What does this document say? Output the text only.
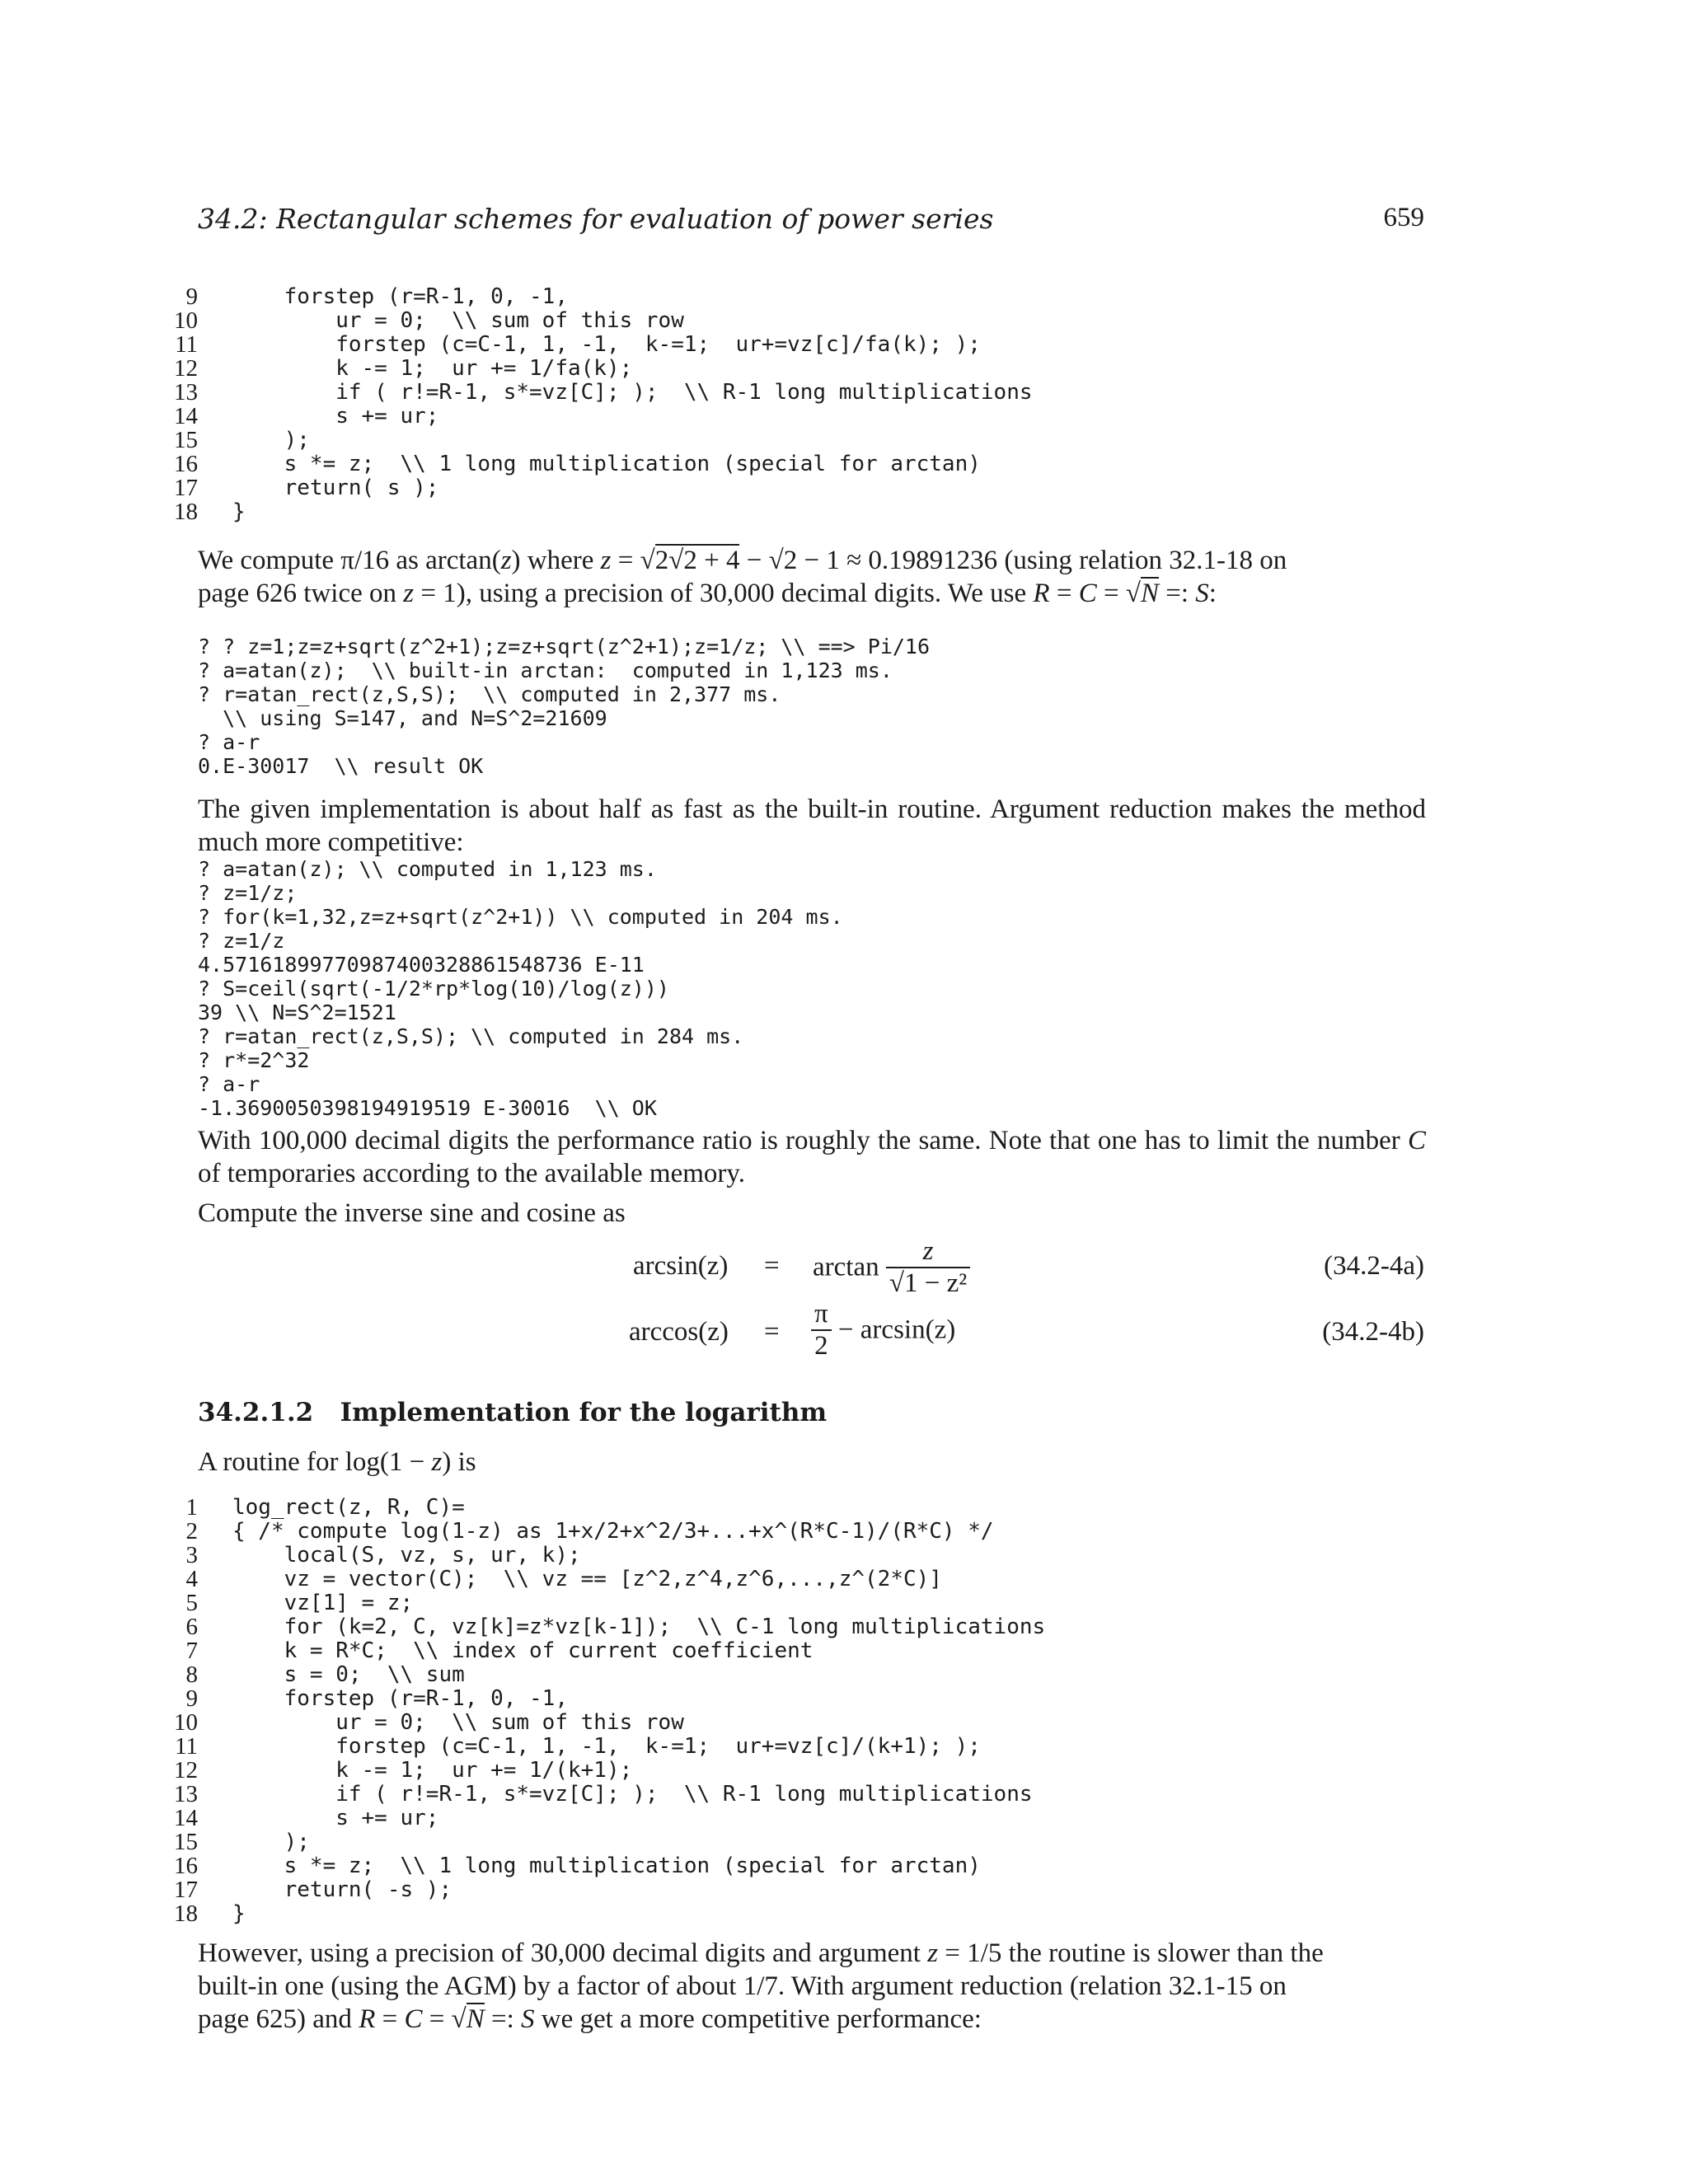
34.2: Rectangular schemes for evaluation of power series	659
9 forstep (r=R-1, 0, -1,
10 ur = 0;  \\ sum of this row
11 forstep (c=C-1, 1, -1,  k-=1;  ur+=vz[c]/fa(k); );
12 k -= 1;  ur += 1/fa(k);
13 if ( r!=R-1, s*=vz[C]; );  \\ R-1 long multiplications
14 s += ur;
15 );
16 s *= z;  \\ 1 long multiplication (special for arctan)
17 return( s );
18 }
We compute π/16 as arctan(z) where z = √2√2 + 4 − √2 − 1 ≈ 0.19891236 (using relation 32.1-18 on
page 626 twice on z = 1), using a precision of 30,000 decimal digits. We use R = C = √N =: S:
? ? z=1;z=z+sqrt(z^2+1);z=z+sqrt(z^2+1);z=1/z; \\ ==> Pi/16
? a=atan(z);  \\ built-in arctan:  computed in 1,123 ms.
? r=atan_rect(z,S,S);  \\ computed in 2,377 ms.
\\ using S=147, and N=S^2=21609
? a-r
0.E-30017  \\ result OK
The given implementation is about half as fast as the built-in routine. Argument reduction makes the method much more competitive:
? a=atan(z); \\ computed in 1,123 ms.
? z=1/z;
? for(k=1,32,z=z+sqrt(z^2+1)) \\ computed in 204 ms.
? z=1/z
4.5716189977098740032886154873​6 E-11
? S=ceil(sqrt(-1/2*rp*log(10)/log(z)))
39 \\ N=S^2=1521
? r=atan_rect(z,S,S); \\ computed in 284 ms.
? r*=2^32
? a-r
-1.3690050398194919519 E-30016  \\ OK
With 100,000 decimal digits the performance ratio is roughly the same. Note that one has to limit the number C of temporaries according to the available memory.
Compute the inverse sine and cosine as
$\arcsin(z) = \arctan \frac{z}{\text{√1 − z²}}$	(34.2-4a)
$\arccos(z) = \frac{\pi}{2} - \arcsin(z)$	(34.2-4b)
34.2.1.2 Implementation for the logarithm
A routine for log(1 − z) is
1 log_rect(z, R, C)=
2 { /* compute log(1-z) as 1+x/2+x^2/3+...+x^(R*C-1)/(R*C) */
3 local(S, vz, s, ur, k);
4 vz = vector(C);  \\ vz == [z^2,z^4,z^6,...,z^(2*C)]
5 vz[1] = z;
6 for (k=2, C, vz[k]=z*vz[k-1]);  \\ C-1 long multiplications
7 k = R*C;  \\ index of current coefficient
8 s = 0;  \\ sum
9 forstep (r=R-1, 0, -1,
10 ur = 0;  \\ sum of this row
11 forstep (c=C-1, 1, -1,  k-=1;  ur+=vz[c]/(k+1); );
12 k -= 1;  ur += 1/(k+1);
13 if ( r!=R-1, s*=vz[C]; );  \\ R-1 long multiplications
14 s += ur;
15 );
16 s *= z;  \\ 1 long multiplication (special for arctan)
17 return( -s );
18 }
However, using a precision of 30,000 decimal digits and argument z = 1/5 the routine is slower than the
built-in one (using the AGM) by a factor of about 1/7. With argument reduction (relation 32.1-15 on
page 625) and R = C = √N =: S we get a more competitive performance:
